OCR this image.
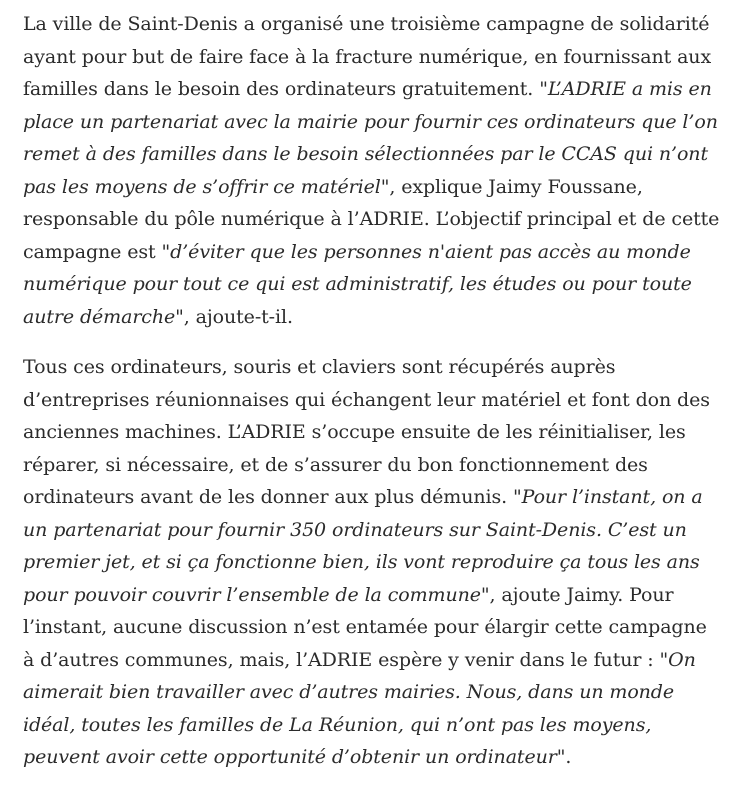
La ville de Saint-Denis a organisé une troisième campagne de solidarité ayant pour but de faire face à la fracture numérique, en fournissant aux familles dans le besoin des ordinateurs gratuitement. "L’ADRIE a mis en place un partenariat avec la mairie pour fournir ces ordinateurs que l’on remet à des familles dans le besoin sélectionnées par le CCAS qui n’ont pas les moyens de s’offrir ce matériel", explique Jaimy Foussane, responsable du pôle numérique à l’ADRIE. L’objectif principal et de cette campagne est "d’éviter que les personnes n'aient pas accès au monde numérique pour tout ce qui est administratif, les études ou pour toute autre démarche", ajoute-t-il.

Tous ces ordinateurs, souris et claviers sont récupérés auprès d’entreprises réunionnaises qui échangent leur matériel et font don des anciennes machines. L’ADRIE s’occupe ensuite de les réinitialiser, les réparer, si nécessaire, et de s’assurer du bon fonctionnement des ordinateurs avant de les donner aux plus démunis. "Pour l’instant, on a un partenariat pour fournir 350 ordinateurs sur Saint-Denis. C’est un premier jet, et si ça fonctionne bien, ils vont reproduire ça tous les ans pour pouvoir couvrir l’ensemble de la commune", ajoute Jaimy. Pour l’instant, aucune discussion n’est entamée pour élargir cette campagne à d’autres communes, mais, l’ADRIE espère y venir dans le futur : "On aimerait bien travailler avec d’autres mairies. Nous, dans un monde idéal, toutes les familles de La Réunion, qui n’ont pas les moyens, peuvent avoir cette opportunité d’obtenir un ordinateur".
